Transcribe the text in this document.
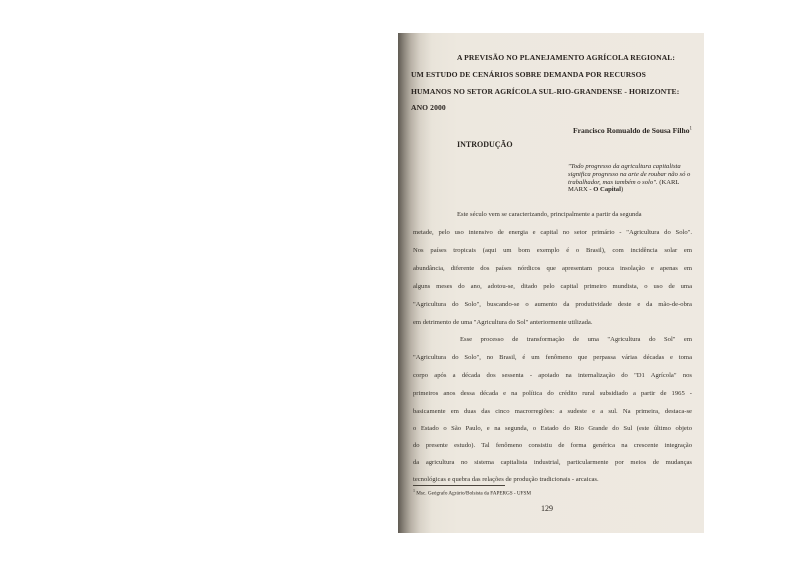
A PREVISÃO NO PLANEJAMENTO AGRÍCOLA REGIONAL:
UM ESTUDO DE CENÁRIOS SOBRE DEMANDA POR RECURSOS
HUMANOS NO SETOR AGRÍCOLA SUL-RIO-GRANDENSE - HORIZONTE:
ANO 2000
Francisco Romualdo de Sousa Filho$^1$
INTRODUÇÃO
"Todo progresso da agricultura capitalista significa progresso na arte de roubar não só o trabalhador, mas também o solo". (KARL MARX - O Capital)
Este século vem se caracterizando, principalmente a partir da segunda
metade, pelo uso intensivo de energia e capital no setor primário - "Agricultura do Solo".
Nos países tropicais (aqui um bom exemplo é o Brasil), com incidência solar em
abundância, diferente dos países nórdicos que apresentam pouca insolação e apenas em
alguns meses do ano, adotou-se, ditado pelo capital primeiro mundista, o uso de uma
"Agricultura do Solo", buscando-se o aumento da produtividade deste e da mão-de-obra
em detrimento de uma "Agricultura do Sol" anteriormente utilizada.
Esse processo de transformação de uma "Agricultura do Sol" em
"Agricultura do Solo", no Brasil, é um fenômeno que perpassa várias décadas e toma
corpo após a década dos sessenta - apoiado na internalização do "D1 Agrícola" nos
primeiros anos dessa década e na política do crédito rural subsidiado a partir de 1965 -
basicamente em duas das cinco macrorregiões: a sudeste e a sul. Na primeira, destaca-se
o Estado o São Paulo, e na segunda, o Estado do Rio Grande do Sul (este último objeto
do presente estudo). Tal fenômeno consistiu de forma genérica na crescente integração
da agricultura no sistema capitalista industrial, particularmente por meios de mudanças
tecnológicas e quebra das relações de produção tradicionais - arcaicas.
$^1$ Msc. Geógrafo Agrário/Bolsista da FAPERGS - UFSM
129
